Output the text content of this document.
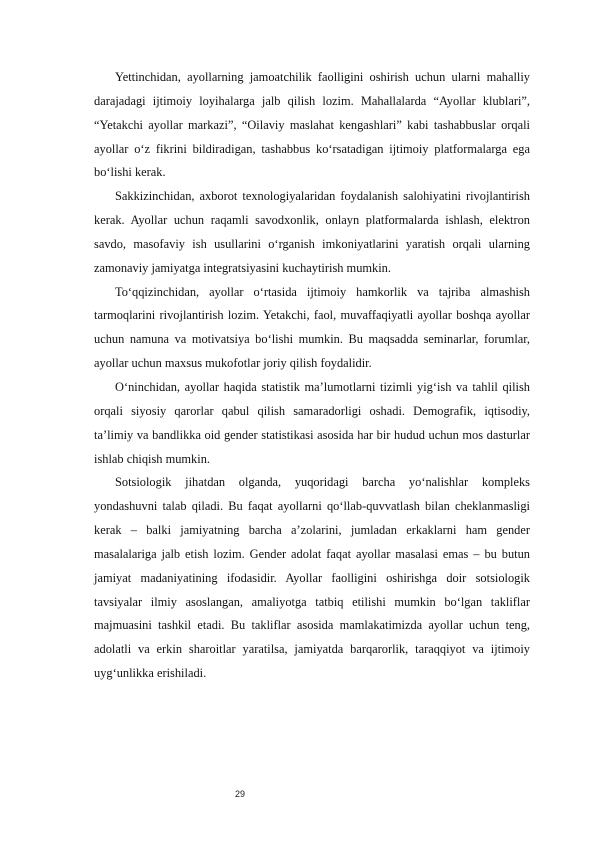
Yettinchidan, ayollarning jamoatchilik faolligini oshirish uchun ularni mahalliy darajadagi ijtimoiy loyihalarga jalb qilish lozim. Mahallalarda “Ayollar klublari”, “Yetakchi ayollar markazi”, “Oilaviy maslahat kengashlari” kabi tashabbuslar orqali ayollar o‘z fikrini bildiradigan, tashabbus ko‘rsatadigan ijtimoiy platformalarga ega bo‘lishi kerak.

Sakkizinchidan, axborot texnologiyalaridan foydalanish salohiyatini rivojlantirish kerak. Ayollar uchun raqamli savodxonlik, onlayn platformalarda ishlash, elektron savdo, masofaviy ish usullarini o‘rganish imkoniyatlarini yaratish orqali ularning zamonaviy jamiyatga integratsiyasini kuchaytirish mumkin.

To‘qqizinchidan, ayollar o‘rtasida ijtimoiy hamkorlik va tajriba almashish tarmoqlarini rivojlantirish lozim. Yetakchi, faol, muvaffaqiyatli ayollar boshqa ayollar uchun namuna va motivatsiya bo‘lishi mumkin. Bu maqsadda seminarlar, forumlar, ayollar uchun maxsus mukofotlar joriy qilish foydalidir.

O‘ninchidan, ayollar haqida statistik ma’lumotlarni tizimli yig‘ish va tahlil qilish orqali siyosiy qarorlar qabul qilish samaradorligi oshadi. Demografik, iqtisodiy, ta’limiy va bandlikka oid gender statistikasi asosida har bir hudud uchun mos dasturlar ishlab chiqish mumkin.

Sotsiologik jihatdan olganda, yuqoridagi barcha yo‘nalishlar kompleks yondashuvni talab qiladi. Bu faqat ayollarni qo‘llab-quvvatlash bilan cheklanmasligi kerak – balki jamiyatning barcha a’zolarini, jumladan erkaklarni ham gender masalalariga jalb etish lozim. Gender adolat faqat ayollar masalasi emas – bu butun jamiyat madaniyatining ifodasidir. Ayollar faolligini oshirishga doir sotsiologik tavsiyalar ilmiy asoslangan, amaliyotga tatbiq etilishi mumkin bo‘lgan takliflar majmuasini tashkil etadi. Bu takliflar asosida mamlakatimizda ayollar uchun teng, adolatli va erkin sharoitlar yaratilsa, jamiyatda barqarorlik, taraqqiyot va ijtimoiy uyg‘unlikka erishiladi.

29
